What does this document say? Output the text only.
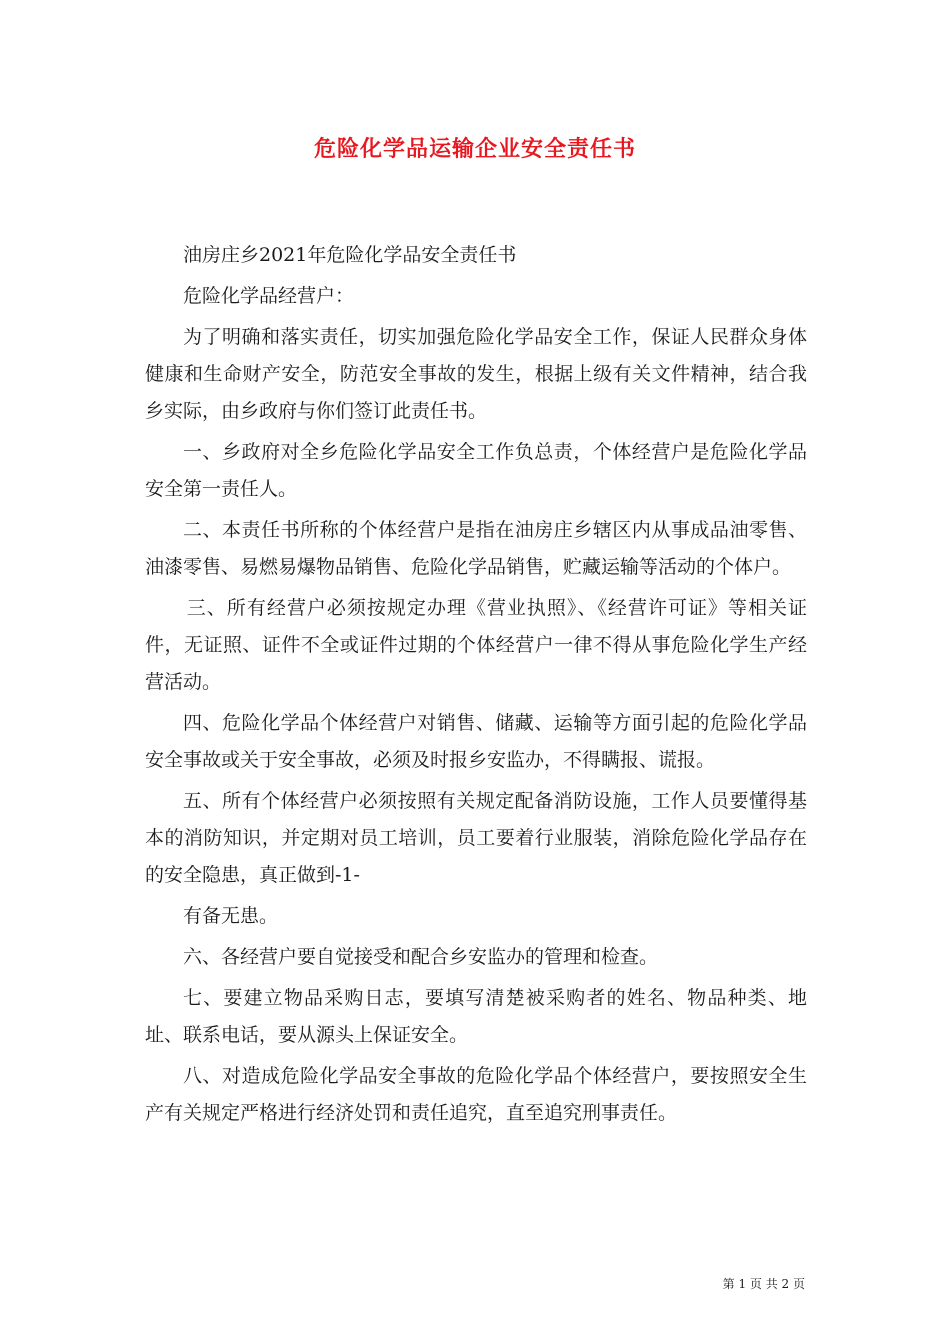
危险化学品运输企业安全责任书

油房庄乡2021年危险化学品安全责任书

危险化学品经营户：

为了明确和落实责任，切实加强危险化学品安全工作，保证人民群众身体健康和生命财产安全，防范安全事故的发生，根据上级有关文件精神，结合我乡实际，由乡政府与你们签订此责任书。

一、乡政府对全乡危险化学品安全工作负总责，个体经营户是危险化学品安全第一责任人。

二、本责任书所称的个体经营户是指在油房庄乡辖区内从事成品油零售、油漆零售、易燃易爆物品销售、危险化学品销售，贮藏运输等活动的个体户。

三、所有经营户必须按规定办理《营业执照》、《经营许可证》等相关证件，无证照、证件不全或证件过期的个体经营户一律不得从事危险化学生产经营活动。

四、危险化学品个体经营户对销售、储藏、运输等方面引起的危险化学品安全事故或关于安全事故，必须及时报乡安监办，不得瞒报、谎报。

五、所有个体经营户必须按照有关规定配备消防设施，工作人员要懂得基本的消防知识，并定期对员工培训，员工要着行业服装，消除危险化学品存在的安全隐患，真正做到-1-

有备无患。

六、各经营户要自觉接受和配合乡安监办的管理和检查。

七、要建立物品采购日志，要填写清楚被采购者的姓名、物品种类、地址、联系电话，要从源头上保证安全。

八、对造成危险化学品安全事故的危险化学品个体经营户，要按照安全生产有关规定严格进行经济处罚和责任追究，直至追究刑事责任。

第 1 页 共 2 页
